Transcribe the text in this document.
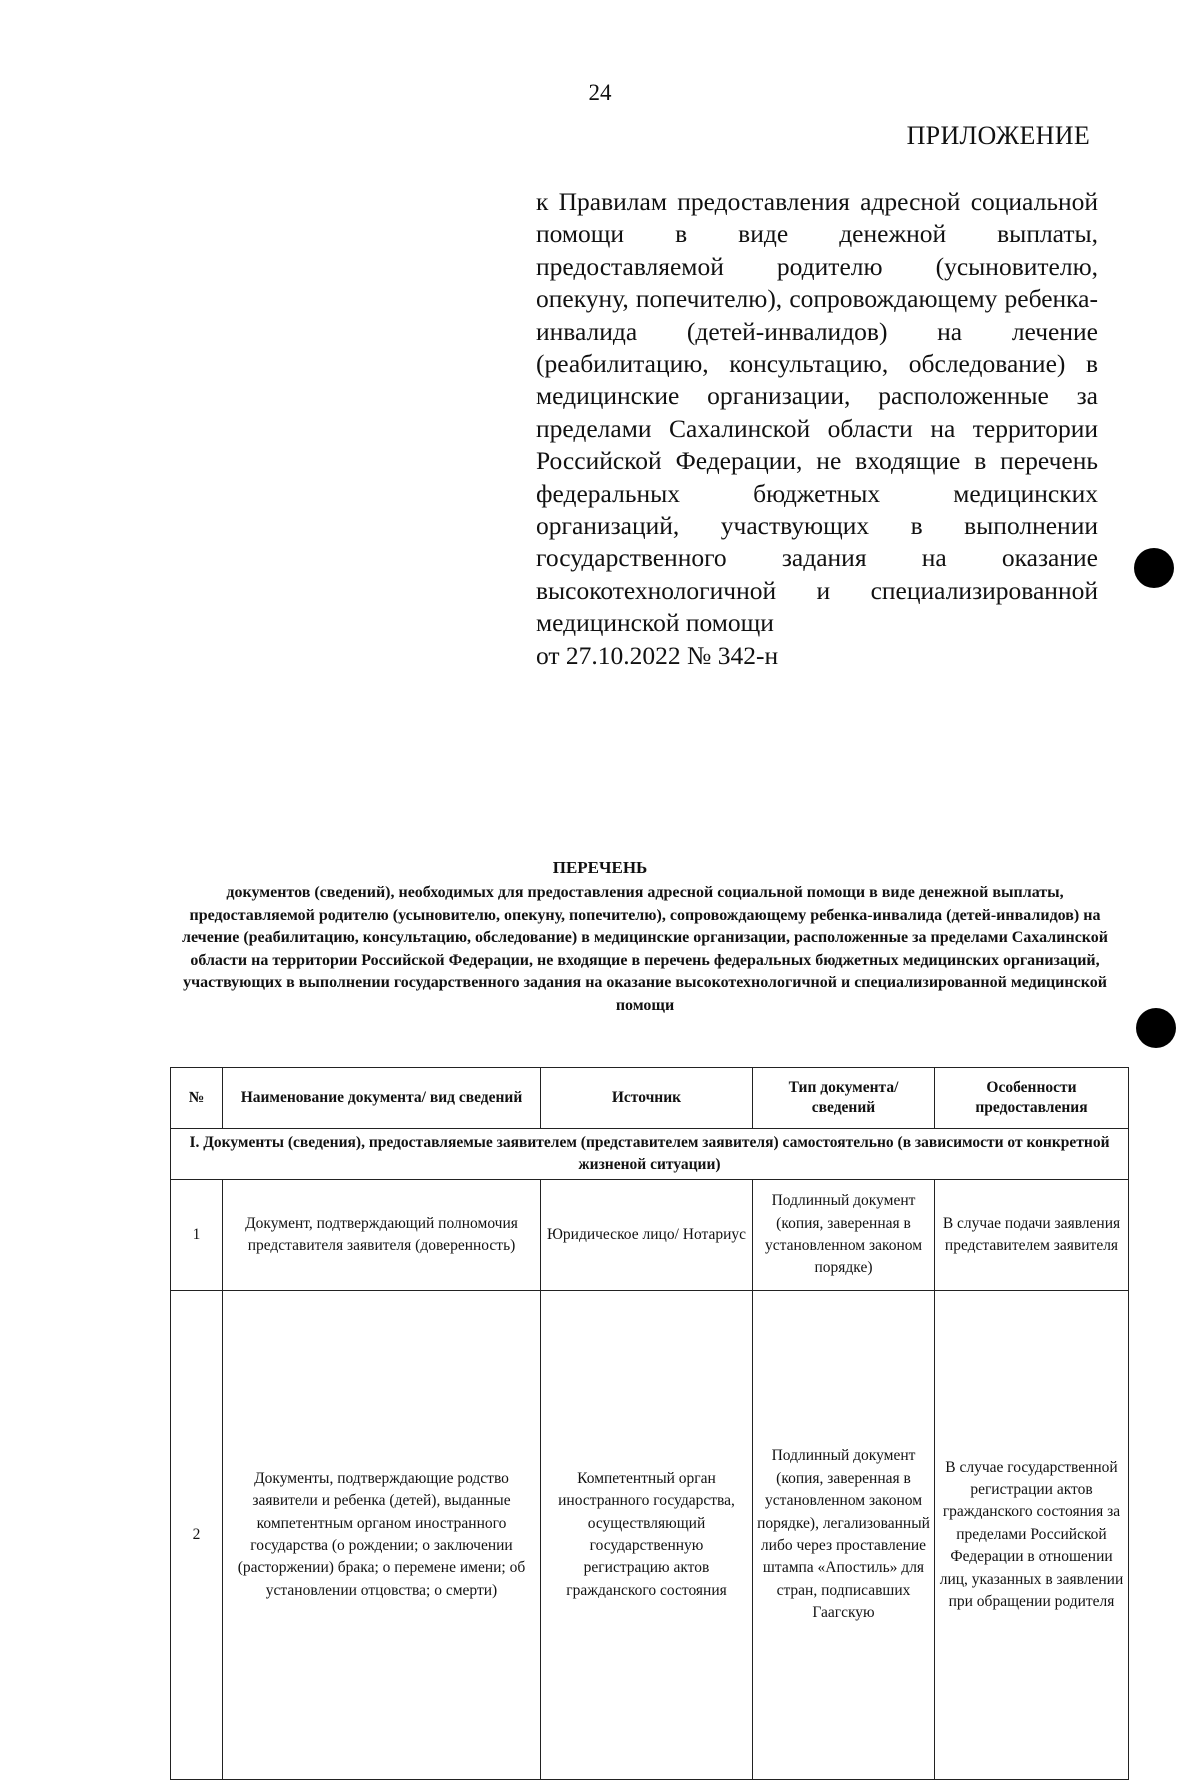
24
ПРИЛОЖЕНИЕ
к Правилам предоставления адресной социальной помощи в виде денежной выплаты, предоставляемой родителю (усыновителю, опекуну, попечителю), сопровождающему ребенка-инвалида (детей-инвалидов) на лечение (реабилитацию, консультацию, обследование) в медицинские организации, расположенные за пределами Сахалинской области на территории Российской Федерации, не входящие в перечень федеральных бюджетных медицинских организаций, участвующих в выполнении государственного задания на оказание высокотехнологичной и специализированной медицинской помощи
от 27.10.2022 № 342-н
ПЕРЕЧЕНЬ
документов (сведений), необходимых для предоставления адресной социальной помощи в виде денежной выплаты, предоставляемой родителю (усыновителю, опекуну, попечителю), сопровождающему ребенка-инвалида (детей-инвалидов) на лечение (реабилитацию, консультацию, обследование) в медицинские организации, расположенные за пределами Сахалинской области на территории Российской Федерации, не входящие в перечень федеральных бюджетных медицинских организаций, участвующих в выполнении государственного задания на оказание высокотехнологичной и специализированной медицинской помощи
№	Наименование документа/ вид сведений	Источник	Тип документа/ сведений	Особенности предоставления
I. Документы (сведения), предоставляемые заявителем (представителем заявителя) самостоятельно (в зависимости от конкретной жизненой ситуации)				
1	Документ, подтверждающий полномочия представителя заявителя (доверенность)	Юридическое лицо/ Нотариус	Подлинный документ (копия, заверенная в установленном законом порядке)	В случае подачи заявления представителем заявителя
2	Документы, подтверждающие родство заявители и ребенка (детей), выданные компетентным органом иностранного государства (о рождении; о заключении (расторжении) брака; о перемене имени; об установлении отцовства; о смерти)	Компетентный орган иностранного государства, осуществляющий государственную регистрацию актов гражданского состояния	Подлинный документ (копия, заверенная в установленном законом порядке), легализованный либо через проставление штампа «Апостиль» для стран, подписавших Гаагскую	В случае государственной регистрации актов гражданского состояния за пределами Российской Федерации в отношении лиц, указанных в заявлении при обращении родителя
